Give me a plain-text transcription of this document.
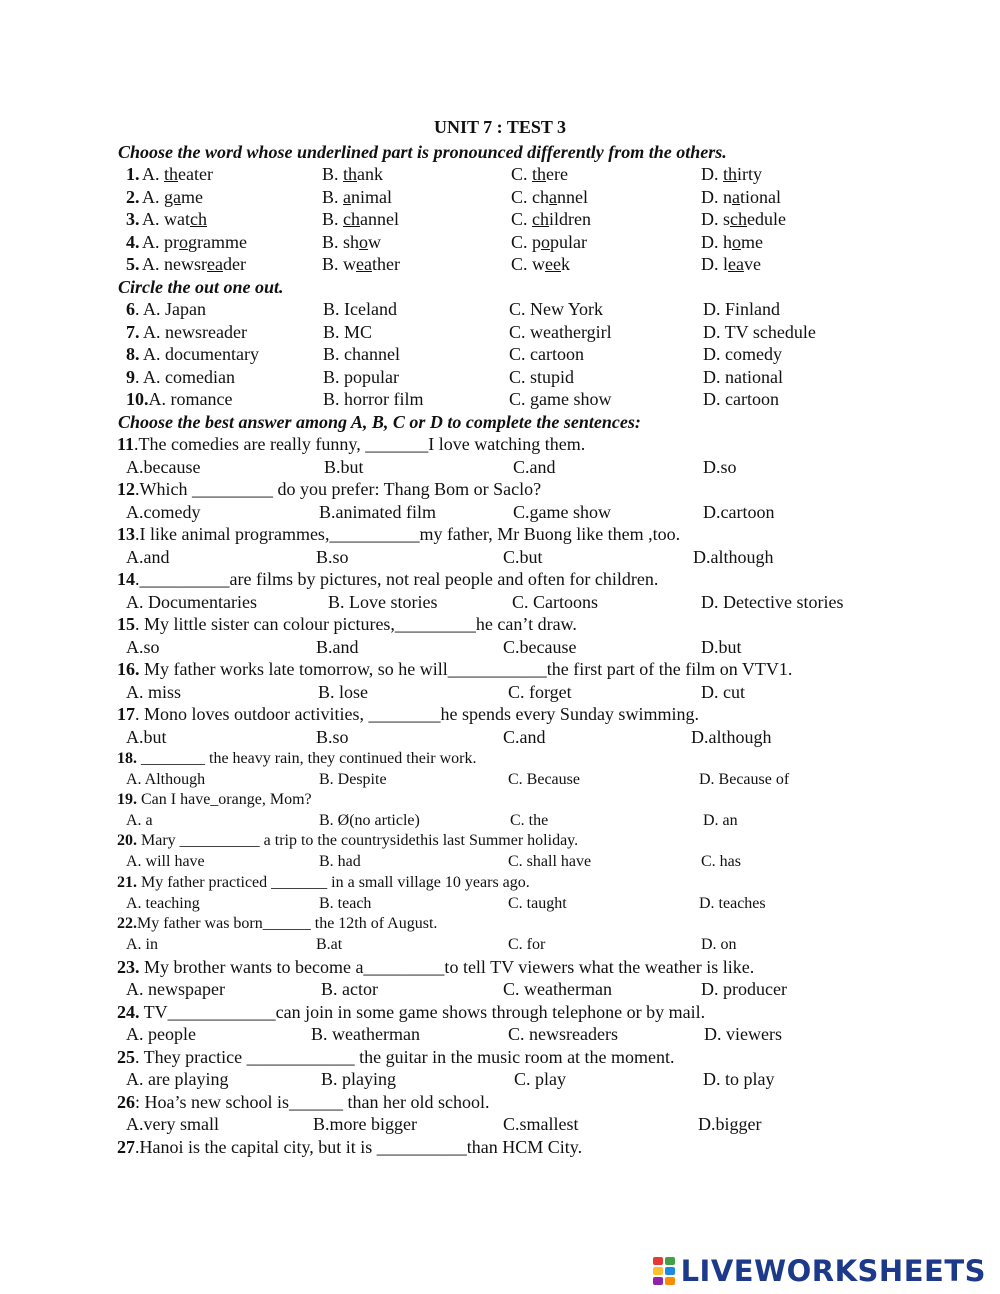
UNIT 7 : TEST 3
Choose the word whose underlined part is pronounced differently from the others.
1. A. theater	B. thank	C. there	D. thirty
2. A. game	B. animal	C. channel	D. national
3. A. watch	B. channel	C. children	D. schedule
4. A. programme	B. show	C. popular	D. home
5. A. newsreader	B. weather	C. week	D. leave
Circle the out one out.
6. A. Japan	B. Iceland	C. New York	D. Finland
7. A. newsreader	B. MC	C. weathergirl	D. TV schedule
8. A. documentary	B. channel	C. cartoon	D. comedy
9. A. comedian	B. popular	C. stupid	D. national
10.A. romance	B. horror film	C. game show	D. cartoon
Choose the best answer among A, B, C or D to complete the sentences:
11.The comedies are really funny, _______I love watching them.
A.because	B.but	C.and	D.so
12.Which _________ do you prefer: Thang Bom or Saclo?
A.comedy	B.animated film	C.game show	D.cartoon
13.I like animal programmes,__________my father, Mr Buong like them ,too.
A.and	B.so	C.but	D.although
14.__________are films by pictures, not real people and often for children.
A. Documentaries	B. Love stories	C. Cartoons	D. Detective stories
15. My little sister can colour pictures,_________he can’t draw.
A.so	B.and	C.because	D.but
16. My father works late tomorrow, so he will___________the first part of the film on VTV1.
A. miss	B. lose	C. forget	D. cut
17. Mono loves outdoor activities, ________he spends every Sunday swimming.
A.but	B.so	C.and	D.although
18. ________ the heavy rain, they continued their work.
A. Although	B. Despite	C. Because	D. Because of
19. Can I have_orange, Mom?
A. a	B. Ø(no article)	C. the	D. an
20. Mary __________ a trip to the countrysidethis last Summer holiday.
A. will have	B. had	C. shall have	C. has
21. My father practiced _______ in a small village 10 years ago.
A. teaching	B. teach	C. taught	D. teaches
22.My father was born______ the 12th of August.
A. in	B.at	C. for	D. on
23. My brother wants to become a_________to tell TV viewers what the weather is like.
A. newspaper	B. actor	C. weatherman	D. producer
24. TV____________can join in some game shows through telephone or by mail.
A. people	B. weatherman	C. newsreaders	D. viewers
25. They practice ____________ the guitar in the music room at the moment.
A. are playing	B. playing	C. play	D. to play
26: Hoa’s new school is______ than her old school.
A.very small	B.more bigger	C.smallest	D.bigger
27.Hanoi is the capital city, but it is __________than HCM City.
LIVEWORKSHEETS
